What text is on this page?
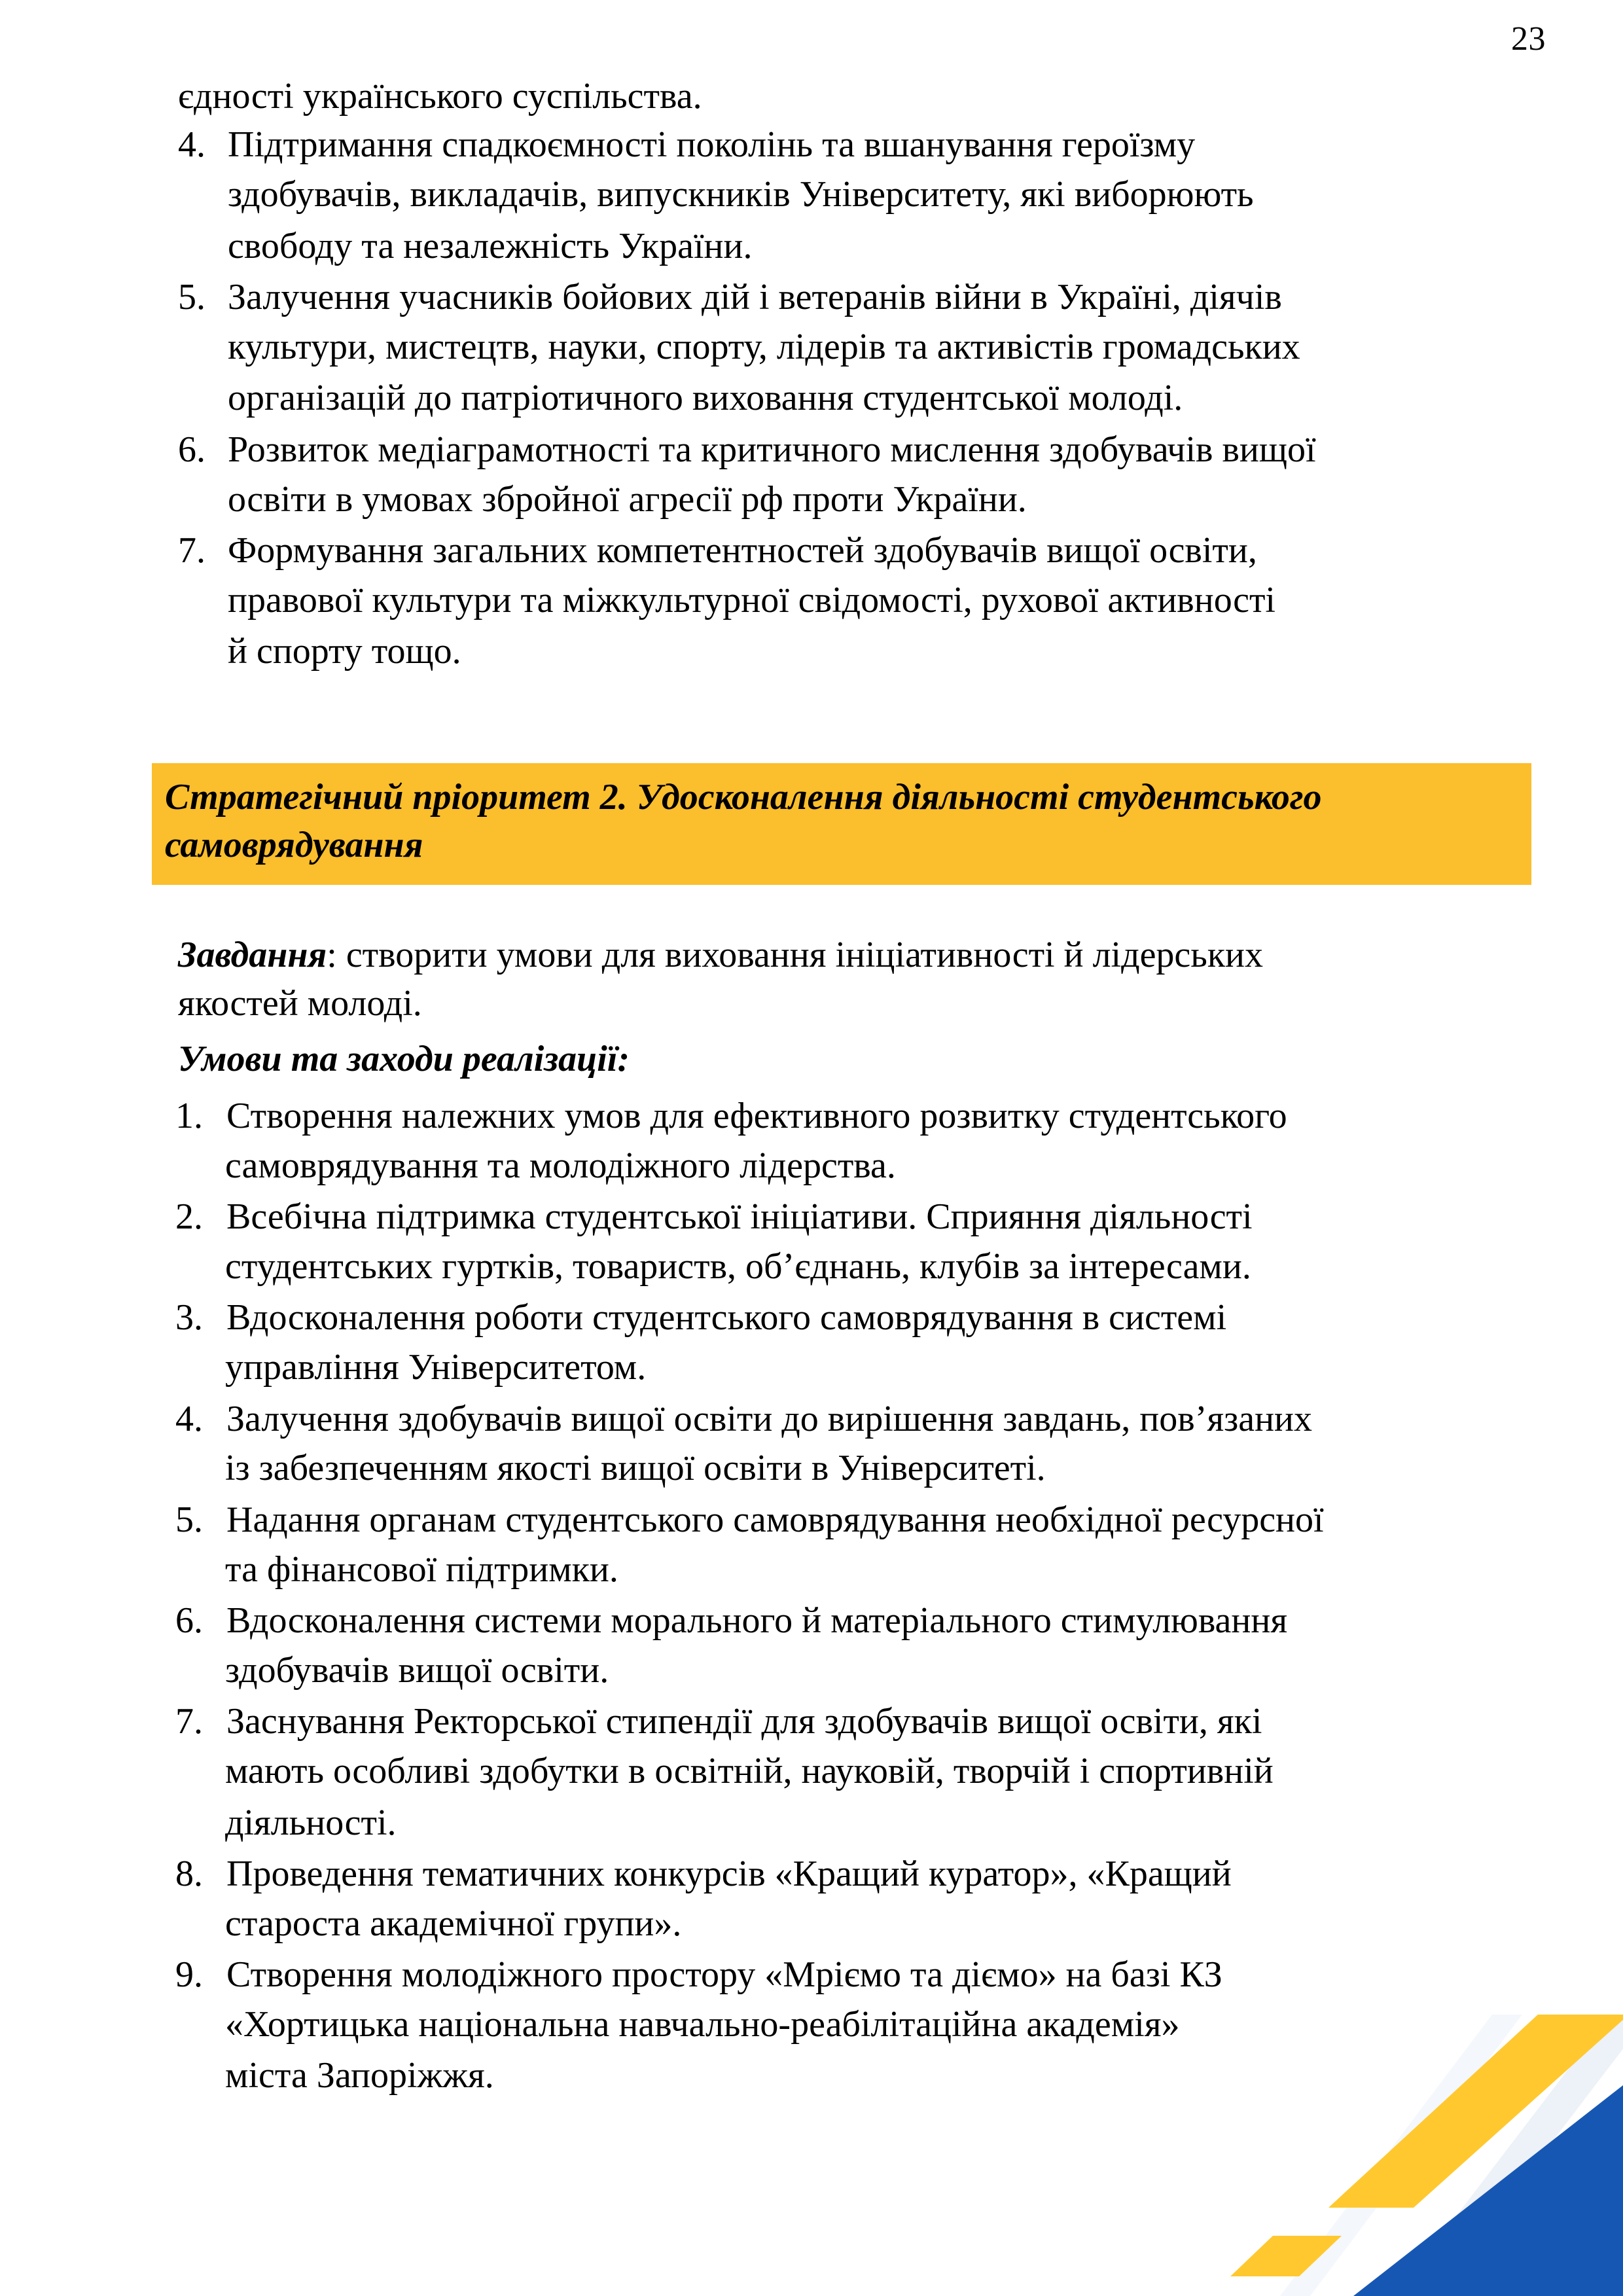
23
єдності українського суспільства.
4. Підтримання спадкоємності поколінь та вшанування героїзму
здобувачів, викладачів, випускників Університету, які виборюють
свободу та незалежність України.
5. Залучення учасників бойових дій і ветеранів війни в Україні, діячів
культури, мистецтв, науки, спорту, лідерів та активістів громадських
організацій до патріотичного виховання студентської молоді.
6. Розвиток медіаграмотності та критичного мислення здобувачів вищої
освіти в умовах збройної агресії рф проти України.
7. Формування загальних компетентностей здобувачів вищої освіти,
правової культури та міжкультурної свідомості, рухової активності
й спорту тощо.
Стратегічний пріоритет 2. Удосконалення діяльності студентського
самоврядування
Завдання: створити умови для виховання ініціативності й лідерських
якостей молоді.
Умови та заходи реалізації:
1. Створення належних умов для ефективного розвитку студентського
самоврядування та молодіжного лідерства.
2. Всебічна підтримка студентської ініціативи. Сприяння діяльності
студентських гуртків, товариств, об’єднань, клубів за інтересами.
3. Вдосконалення роботи студентського самоврядування в системі
управління Університетом.
4. Залучення здобувачів вищої освіти до вирішення завдань, пов’язаних
із забезпеченням якості вищої освіти в Університеті.
5. Надання органам студентського самоврядування необхідної ресурсної
та фінансової підтримки.
6. Вдосконалення системи морального й матеріального стимулювання
здобувачів вищої освіти.
7. Заснування Ректорської стипендії для здобувачів вищої освіти, які
мають особливі здобутки в освітній, науковій, творчій і спортивній
діяльності.
8. Проведення тематичних конкурсів «Кращий куратор», «Кращий
староста академічної групи».
9. Створення молодіжного простору «Мріємо та діємо» на базі КЗ
«Хортицька національна навчально-реабілітаційна академія»
міста Запоріжжя.
